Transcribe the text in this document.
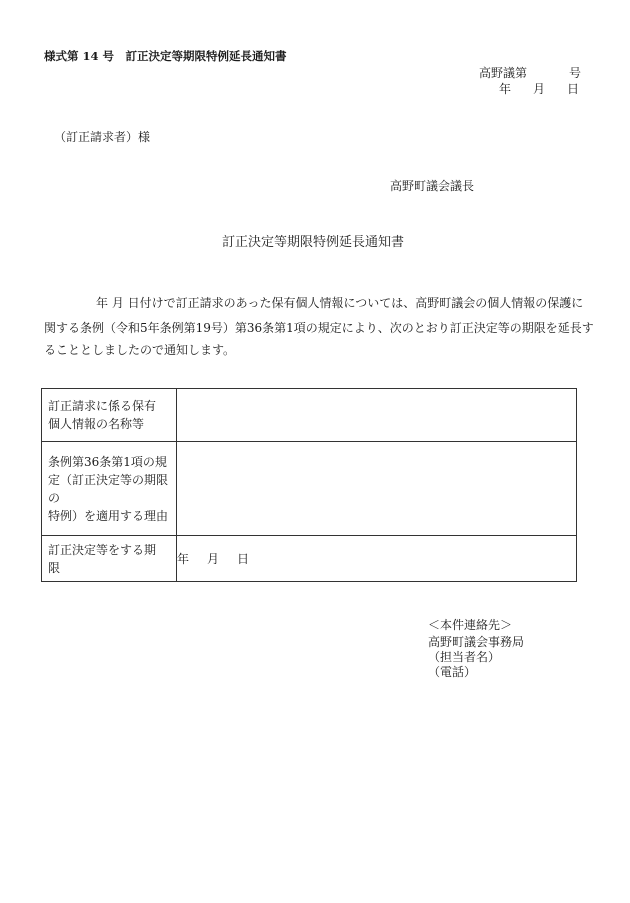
様式第 14 号　訂正決定等期限特例延長通知書
高野議第	号
年 月 日
（訂正請求者）様
高野町議会議長
訂正決定等期限特例延長通知書
年 月 日付けで訂正請求のあった保有個人情報については、高野町議会の個人情報の保護に
関する条例（令和5年条例第19号）第36条第1項の規定により、次のとおり訂正決定等の期限を延長す
ることとしましたので通知します。
訂正請求に係る保有
個人情報の名称等	

条例第36条第1項の規
定（訂正決定等の期限の
特例）を適用する理由	

訂正決定等をする期
限	年 月 日
＜本件連絡先＞
高野町議会事務局
（担当者名）
（電話）
